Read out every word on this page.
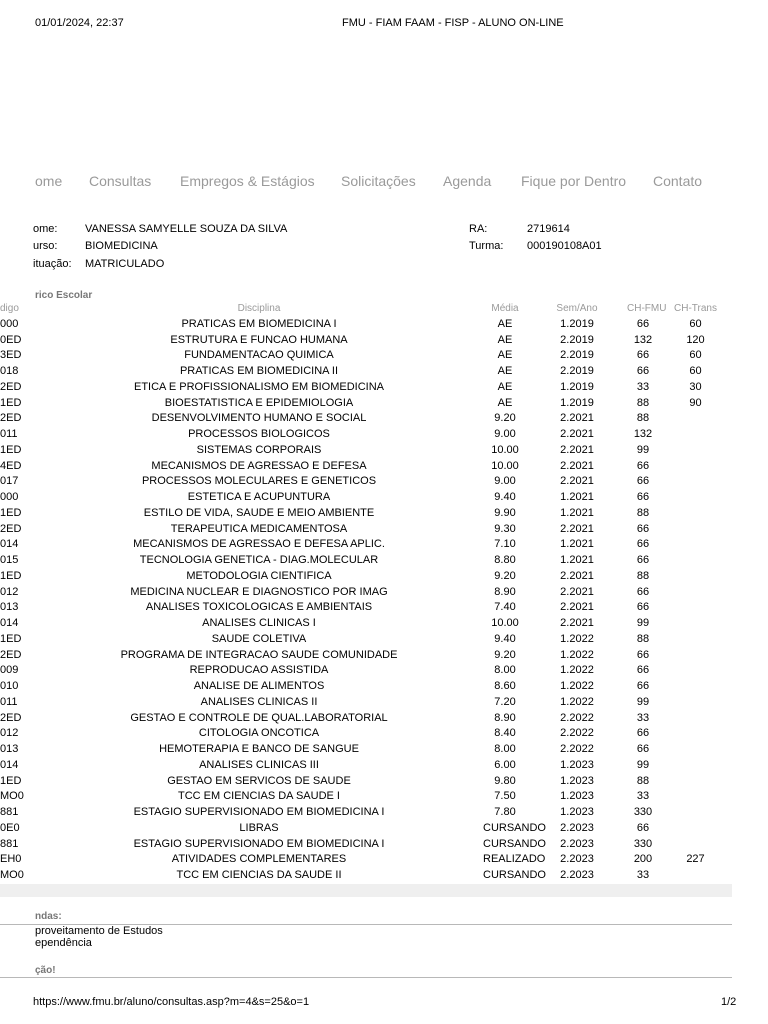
01/01/2024, 22:37	FMU - FIAM FAAM - FISP - ALUNO ON-LINE
ome Consultas Empregos & Estágios Solicitações Agenda Fique por Dentro Contato
ome:	VANESSA SAMYELLE SOUZA DA SILVA
urso:	BIOMEDICINA
ituação: MATRICULADO
RA:	2719614
Turma: 000190108A01
rico Escolar
digo	Disciplina	Média	Sem/Ano	CH-FMU	CH-Trans
000	PRATICAS EM BIOMEDICINA I	AE	1.2019	66	60
0ED	ESTRUTURA E FUNCAO HUMANA	AE	2.2019	132	120
3ED	FUNDAMENTACAO QUIMICA	AE	2.2019	66	60
018	PRATICAS EM BIOMEDICINA II	AE	2.2019	66	60
2ED	ETICA E PROFISSIONALISMO EM BIOMEDICINA	AE	1.2019	33	30
1ED	BIOESTATISTICA E EPIDEMIOLOGIA	AE	1.2019	88	90
2ED	DESENVOLVIMENTO HUMANO E SOCIAL	9.20	2.2021	88	
011	PROCESSOS BIOLOGICOS	9.00	2.2021	132	
1ED	SISTEMAS CORPORAIS	10.00	2.2021	99	
4ED	MECANISMOS DE AGRESSAO E DEFESA	10.00	2.2021	66	
017	PROCESSOS MOLECULARES E GENETICOS	9.00	2.2021	66	
000	ESTETICA E ACUPUNTURA	9.40	1.2021	66	
1ED	ESTILO DE VIDA, SAUDE E MEIO AMBIENTE	9.90	1.2021	88	
2ED	TERAPEUTICA MEDICAMENTOSA	9.30	2.2021	66	
014	MECANISMOS DE AGRESSAO E DEFESA APLIC.	7.10	1.2021	66	
015	TECNOLOGIA GENETICA - DIAG.MOLECULAR	8.80	1.2021	66	
1ED	METODOLOGIA CIENTIFICA	9.20	2.2021	88	
012	MEDICINA NUCLEAR E DIAGNOSTICO POR IMAG	8.90	2.2021	66	
013	ANALISES TOXICOLOGICAS E AMBIENTAIS	7.40	2.2021	66	
014	ANALISES CLINICAS I	10.00	2.2021	99	
1ED	SAUDE COLETIVA	9.40	1.2022	88	
2ED	PROGRAMA DE INTEGRACAO SAUDE COMUNIDADE	9.20	1.2022	66	
009	REPRODUCAO ASSISTIDA	8.00	1.2022	66	
010	ANALISE DE ALIMENTOS	8.60	1.2022	66	
011	ANALISES CLINICAS II	7.20	1.2022	99	
2ED	GESTAO E CONTROLE DE QUAL.LABORATORIAL	8.90	2.2022	33	
012	CITOLOGIA ONCOTICA	8.40	2.2022	66	
013	HEMOTERAPIA E BANCO DE SANGUE	8.00	2.2022	66	
014	ANALISES CLINICAS III	6.00	1.2023	99	
1ED	GESTAO EM SERVICOS DE SAUDE	9.80	1.2023	88	
MO0	TCC EM CIENCIAS DA SAUDE I	7.50	1.2023	33	
881	ESTAGIO SUPERVISIONADO EM BIOMEDICINA I	7.80	1.2023	330	
0E0	LIBRAS	CURSANDO	2.2023	66	
881	ESTAGIO SUPERVISIONADO EM BIOMEDICINA I	CURSANDO	2.2023	330	
EH0	ATIVIDADES COMPLEMENTARES	REALIZADO	2.2023	200	227
MO0	TCC EM CIENCIAS DA SAUDE II	CURSANDO	2.2023	33	
ndas:
proveitamento de Estudos
ependência
ção!
https://www.fmu.br/aluno/consultas.asp?m=4&s=25&o=1	1/2
